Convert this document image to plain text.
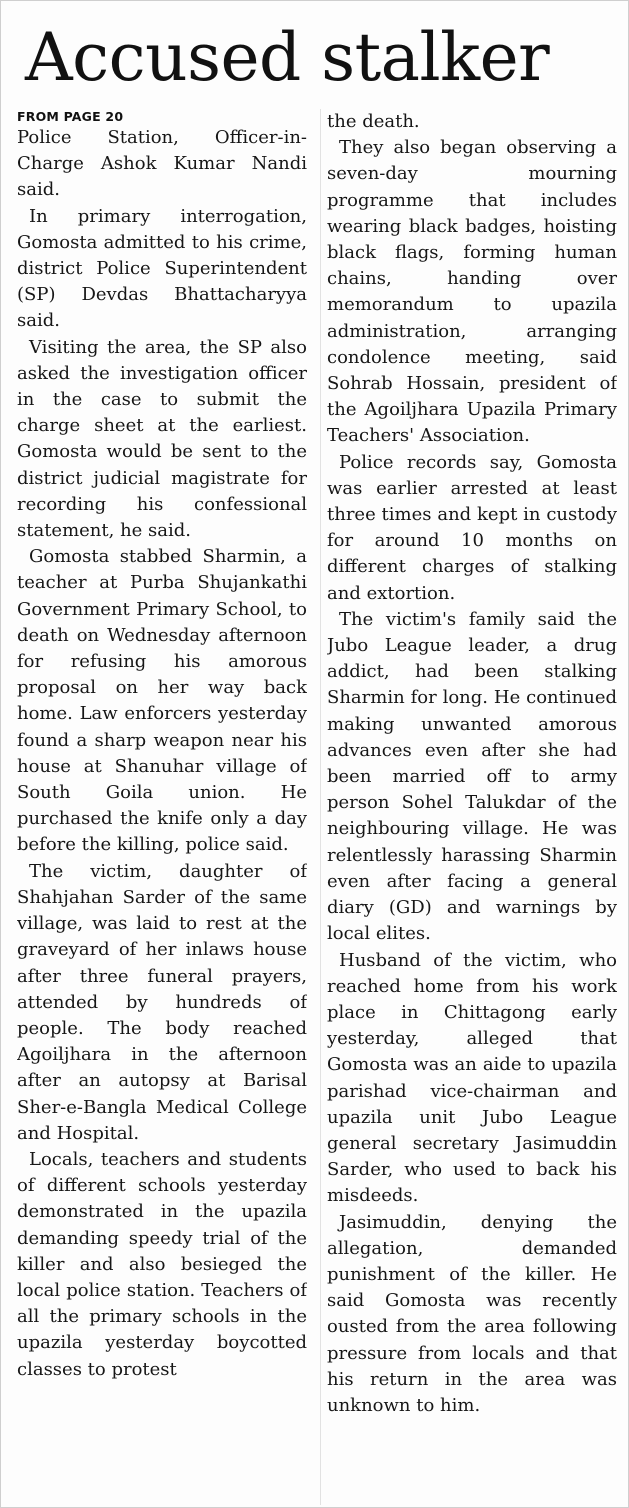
Accused stalker
FROM PAGE 20

Police Station, Officer-in-Charge Ashok Kumar Nandi said.

In primary interrogation, Gomosta admitted to his crime, district Police Superintendent (SP) Devdas Bhattacharyya said.

Visiting the area, the SP also asked the investigation officer in the case to submit the charge sheet at the earliest. Gomosta would be sent to the district judicial magistrate for recording his confessional statement, he said.

Gomosta stabbed Sharmin, a teacher at Purba Shujankathi Government Primary School, to death on Wednesday afternoon for refusing his amorous proposal on her way back home. Law enforcers yesterday found a sharp weapon near his house at Shanuhar village of South Goila union. He purchased the knife only a day before the killing, police said.

The victim, daughter of Shahjahan Sarder of the same village, was laid to rest at the graveyard of her inlaws house after three funeral prayers, attended by hundreds of people. The body reached Agoiljhara in the afternoon after an autopsy at Barisal Sher-e-Bangla Medical College and Hospital.

Locals, teachers and students of different schools yesterday demonstrated in the upazila demanding speedy trial of the killer and also besieged the local police station. Teachers of all the primary schools in the upazila yesterday boycotted classes to protest

the death.

They also began observing a seven-day mourning programme that includes wearing black badges, hoisting black flags, forming human chains, handing over memorandum to upazila administration, arranging condolence meeting, said Sohrab Hossain, president of the Agoiljhara Upazila Primary Teachers' Association.

Police records say, Gomosta was earlier arrested at least three times and kept in custody for around 10 months on different charges of stalking and extortion.

The victim's family said the Jubo League leader, a drug addict, had been stalking Sharmin for long. He continued making unwanted amorous advances even after she had been married off to army person Sohel Talukdar of the neighbouring village. He was relentlessly harassing Sharmin even after facing a general diary (GD) and warnings by local elites.

Husband of the victim, who reached home from his work place in Chittagong early yesterday, alleged that Gomosta was an aide to upazila parishad vice-chairman and upazila unit Jubo League general secretary Jasimuddin Sarder, who used to back his misdeeds.

Jasimuddin, denying the allegation, demanded punishment of the killer. He said Gomosta was recently ousted from the area following pressure from locals and that his return in the area was unknown to him.
